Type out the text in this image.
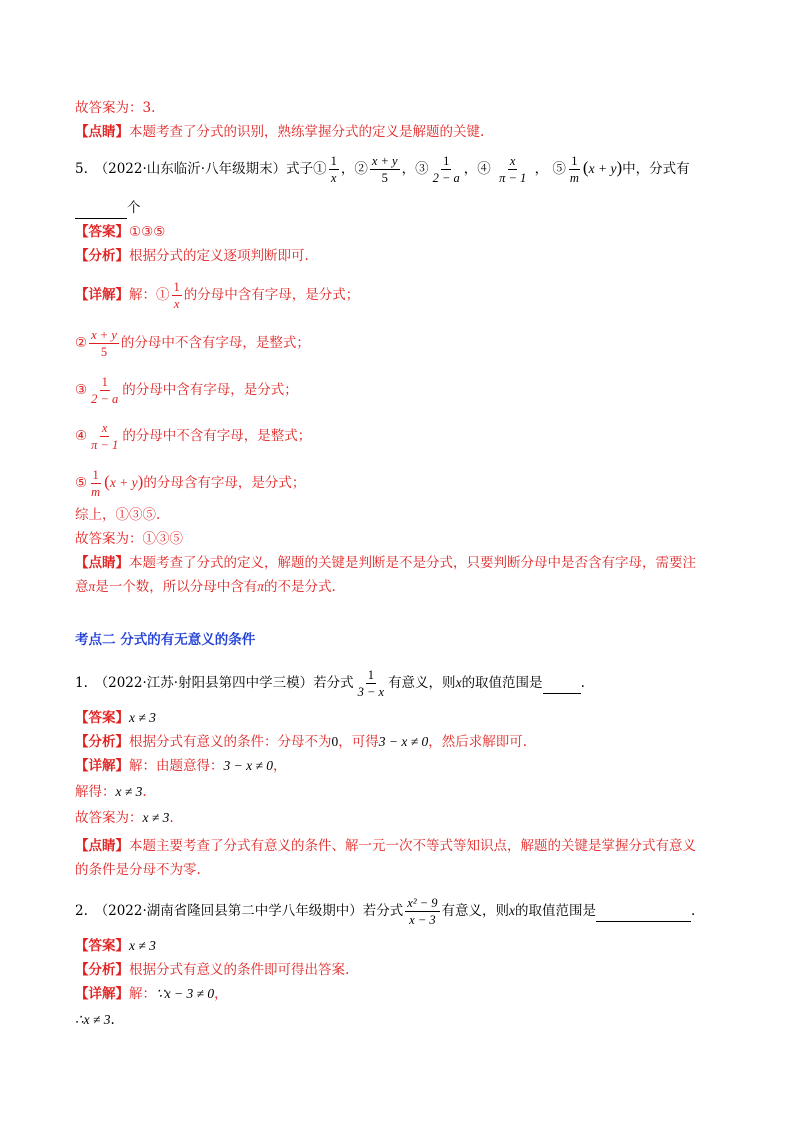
故答案为：3.
【点睛】本题考查了分式的识别，熟练掌握分式的定义是解题的关键.
5.　（2022·山东临沂·八年级期末）式子① $\frac{1}{x}$ ，② $\frac{x + y}{5}$ ，③ $\frac{1}{2 - a}$ ，④ $\frac{x}{\pi - 1}$ ， ⑤ $\frac{1}{m} (x + y)$中，分式有
个
【答案】①③⑤
【分析】根据分式的定义逐项判断即可.
【详解】解：① $\frac{1}{x}$ 的分母中含有字母，是分式；
② $\frac{x + y}{5}$ 的分母中不含有字母，是整式；
③ $\frac{1}{2 - a}$ 的分母中含有字母，是分式；
④ $\frac{x}{\pi - 1}$ 的分母中不含有字母，是整式；
⑤ $\frac{1}{m} (x + y)$的分母含有字母，是分式；
综上，①③⑤.
故答案为：①③⑤
【点睛】本题考查了分式的定义，解题的关键是判断是不是分式，只要判断分母中是否含有字母，需要注
意π是一个数，所以分母中含有π的不是分式.
考点二 分式的有无意义的条件
1.　（2022·江苏·射阳县第四中学三模）若分式 $\frac{1}{3 - x}$ 有意义，则x的取值范围是	.
【答案】x ≠ 3
【分析】根据分式有意义的条件：分母不为0，可得3 − x ≠ 0，然后求解即可.
【详解】解：由题意得：3 − x ≠ 0，
解得：x ≠ 3.
故答案为：x ≠ 3.
【点睛】本题主要考查了分式有意义的条件、解一元一次不等式等知识点，解题的关键是掌握分式有意义
的条件是分母不为零.
2.　（2022·湖南省隆回县第二中学八年级期中）若分式 $\frac{\text{x² − 9}}{x - 3}$ 有意义，则x的取值范围是	.
【答案】x ≠ 3
【分析】根据分式有意义的条件即可得出答案.
【详解】解：∵x − 3 ≠ 0，
∴x ≠ 3.
